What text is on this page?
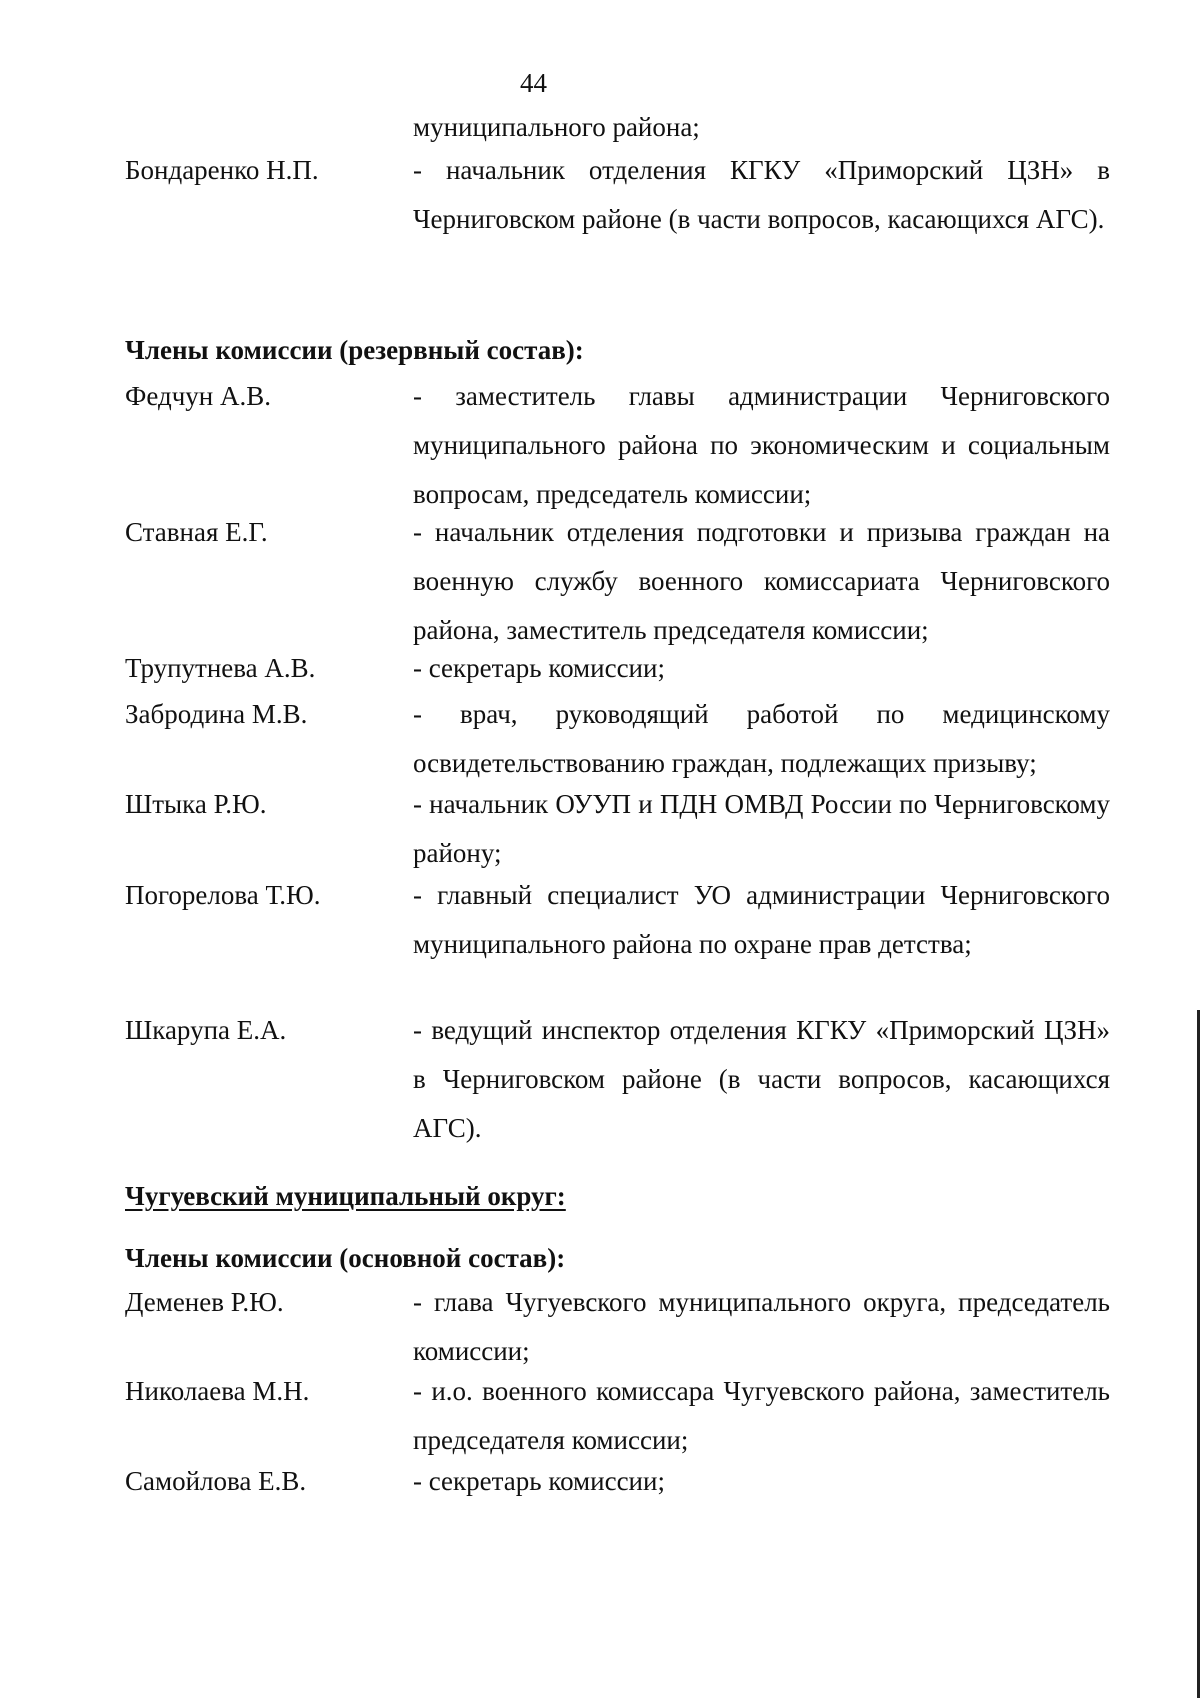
44
муниципального района;
Бондаренко Н.П.	- начальник отделения КГКУ «Приморский ЦЗН» в Черниговском районе (в части вопросов, касающихся АГС).
Члены комиссии (резервный состав):
Федчун А.В.	- заместитель главы администрации Черниговского муниципального района по экономическим и социальным вопросам, председатель комиссии;
Ставная Е.Г.	- начальник отделения подготовки и призыва граждан на военную службу военного комиссариата Черниговского района, заместитель председателя комиссии;
Трупутнева А.В.	- секретарь комиссии;
Забродина М.В.	- врач, руководящий работой по медицинскому освидетельствованию граждан, подлежащих призыву;
Штыка Р.Ю.	- начальник ОУУП и ПДН ОМВД России по Черниговскому району;
Погорелова Т.Ю.	- главный специалист УО администрации Черниговского муниципального района по охране прав детства;
Шкарупа Е.А.	- ведущий инспектор отделения КГКУ «Приморский ЦЗН» в Черниговском районе (в части вопросов, касающихся АГС).
Чугуевский муниципальный округ:
Члены комиссии (основной состав):
Деменев Р.Ю.	- глава Чугуевского муниципального округа, председатель комиссии;
Николаева М.Н.	- и.о. военного комиссара Чугуевского района, заместитель председателя комиссии;
Самойлова Е.В.	- секретарь комиссии;
